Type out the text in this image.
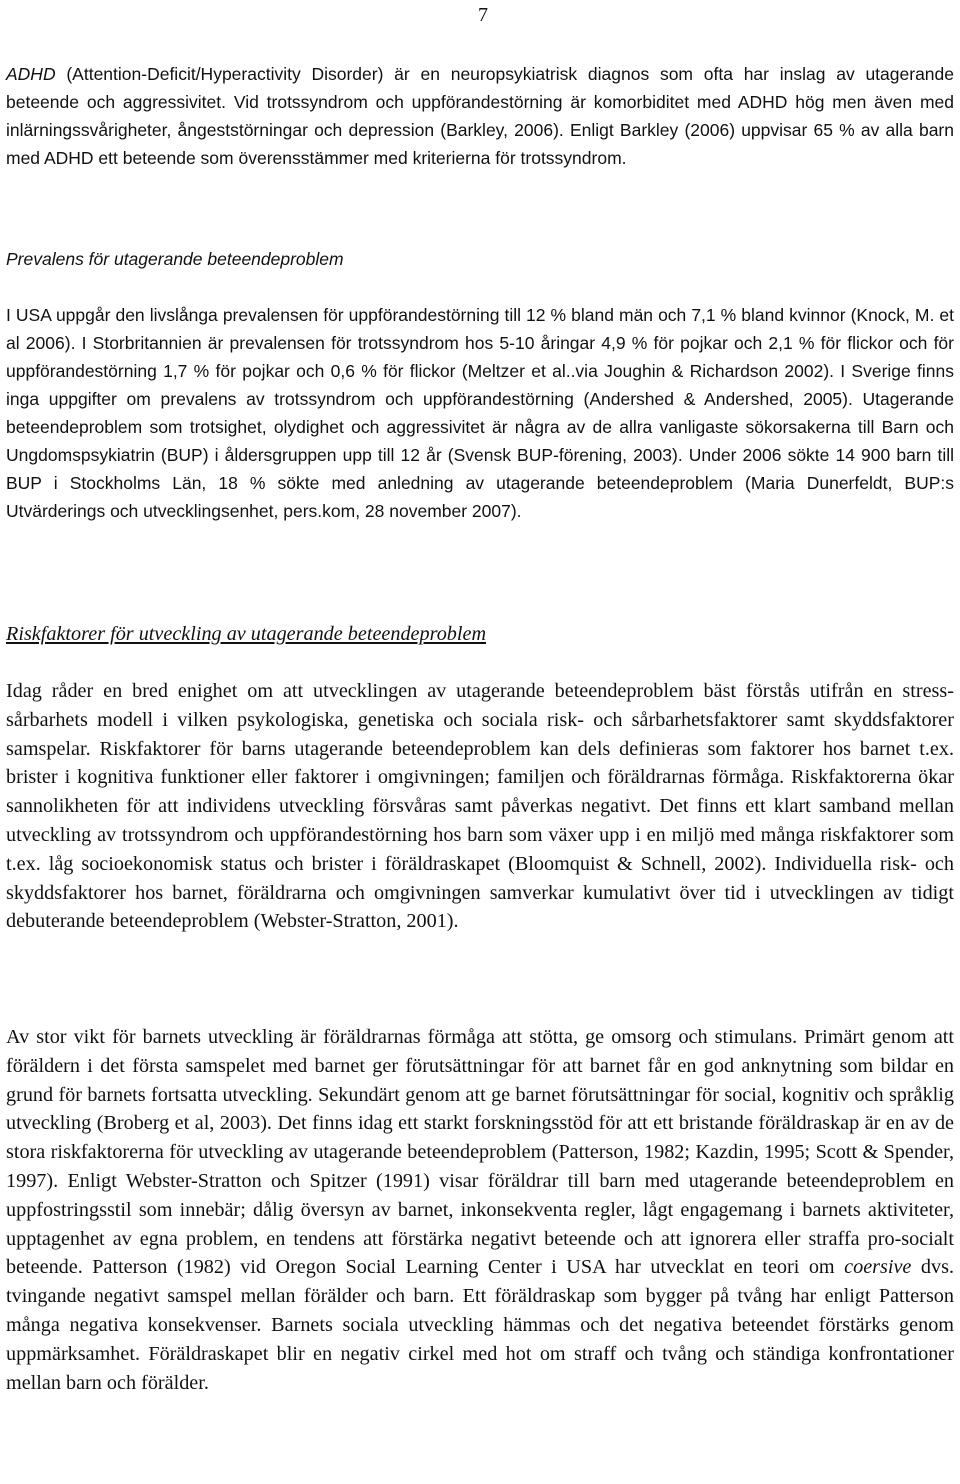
7

ADHD (Attention-Deficit/Hyperactivity Disorder) är en neuropsykiatrisk diagnos som ofta har inslag av utagerande beteende och aggressivitet. Vid trotssyndrom och uppförandestörning är komorbiditet med ADHD hög men även med inlärningssvårigheter, ångeststörningar och depression (Barkley, 2006). Enligt Barkley (2006) uppvisar 65 % av alla barn med ADHD ett beteende som överensstämmer med kriterierna för trotssyndrom.

Prevalens för utagerande beteendeproblem

I USA uppgår den livslånga prevalensen för uppförandestörning till 12 % bland män och 7,1 % bland kvinnor (Knock, M. et al 2006). I Storbritannien är prevalensen för trotssyndrom hos 5-10 åringar 4,9 % för pojkar och 2,1 % för flickor och för uppförandestörning 1,7 % för pojkar och 0,6 % för flickor (Meltzer et al..via Joughin & Richardson 2002). I Sverige finns inga uppgifter om prevalens av trotssyndrom och uppförandestörning (Andershed & Andershed, 2005). Utagerande beteendeproblem som trotsighet, olydighet och aggressivitet är några av de allra vanligaste sökorsakerna till Barn och Ungdomspsykiatrin (BUP) i åldersgruppen upp till 12 år (Svensk BUP-förening, 2003). Under 2006 sökte 14 900 barn till BUP i Stockholms Län, 18 % sökte med anledning av utagerande beteendeproblem (Maria Dunerfeldt, BUP:s Utvärderings och utvecklingsenhet, pers.kom, 28 november 2007).

Riskfaktorer för utveckling av utagerande beteendeproblem

Idag råder en bred enighet om att utvecklingen av utagerande beteendeproblem bäst förstås utifrån en stress-sårbarhets modell i vilken psykologiska, genetiska och sociala risk- och sårbarhetsfaktorer samt skyddsfaktorer samspelar. Riskfaktorer för barns utagerande beteendeproblem kan dels definieras som faktorer hos barnet t.ex. brister i kognitiva funktioner eller faktorer i omgivningen; familjen och föräldrarnas förmåga. Riskfaktorerna ökar sannolikheten för att individens utveckling försvåras samt påverkas negativt. Det finns ett klart samband mellan utveckling av trotssyndrom och uppförandestörning hos barn som växer upp i en miljö med många riskfaktorer som t.ex. låg socioekonomisk status och brister i föräldraskapet (Bloomquist & Schnell, 2002). Individuella risk- och skyddsfaktorer hos barnet, föräldrarna och omgivningen samverkar kumulativt över tid i utvecklingen av tidigt debuterande beteendeproblem (Webster-Stratton, 2001).

Av stor vikt för barnets utveckling är föräldrarnas förmåga att stötta, ge omsorg och stimulans. Primärt genom att föräldern i det första samspelet med barnet ger förutsättningar för att barnet får en god anknytning som bildar en grund för barnets fortsatta utveckling. Sekundärt genom att ge barnet förutsättningar för social, kognitiv och språklig utveckling (Broberg et al, 2003). Det finns idag ett starkt forskningsstöd för att ett bristande föräldraskap är en av de stora riskfaktorerna för utveckling av utagerande beteendeproblem (Patterson, 1982; Kazdin, 1995; Scott & Spender, 1997). Enligt Webster-Stratton och Spitzer (1991) visar föräldrar till barn med utagerande beteendeproblem en uppfostringsstil som innebär; dålig översyn av barnet, inkonsekventa regler, lågt engagemang i barnets aktiviteter, upptagenhet av egna problem, en tendens att förstärka negativt beteende och att ignorera eller straffa pro-socialt beteende. Patterson (1982) vid Oregon Social Learning Center i USA har utvecklat en teori om coersive dvs. tvingande negativt samspel mellan förälder och barn. Ett föräldraskap som bygger på tvång har enligt Patterson många negativa konsekvenser. Barnets sociala utveckling hämmas och det negativa beteendet förstärks genom uppmärksamhet. Föräldraskapet blir en negativ cirkel med hot om straff och tvång och ständiga konfrontationer mellan barn och förälder.
